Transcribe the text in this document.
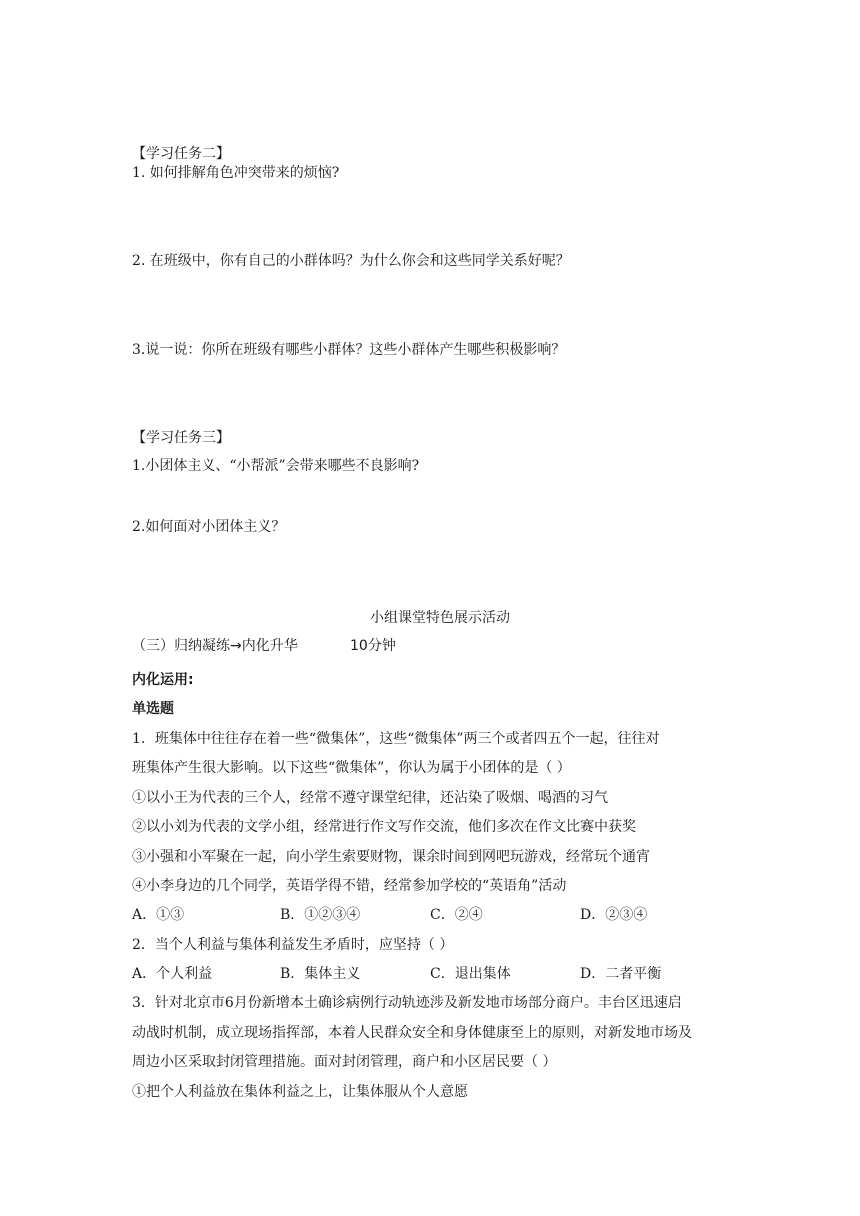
【学习任务二】
1. 如何排解角色冲突带来的烦恼?
2. 在班级中，你有自己的小群体吗？为什么你会和这些同学关系好呢？
3.说一说：你所在班级有哪些小群体？这些小群体产生哪些积极影响？
【学习任务三】
1.小团体主义、“小帮派”会带来哪些不良影响?
2.如何面对小团体主义？
小组课堂特色展示活动
（三）归纳凝练→内化升华	10分钟
内化运用:
单选题
1．班集体中往往存在着一些“微集体”，这些“微集体”两三个或者四五个一起，往往对
班集体产生很大影响。以下这些“微集体”，你认为属于小团体的是（ ）
①以小王为代表的三个人，经常不遵守课堂纪律，还沾染了吸烟、喝酒的习气
②以小刘为代表的文学小组，经常进行作文写作交流，他们多次在作文比赛中获奖
③小强和小军聚在一起，向小学生索要财物，课余时间到网吧玩游戏，经常玩个通宵
④小李身边的几个同学，英语学得不错，经常参加学校的“英语角”活动
A．①③	B．①②③④	C．②④	D．②③④
2．当个人利益与集体利益发生矛盾时，应坚持（ ）
A．个人利益	B．集体主义	C．退出集体	D．二者平衡
3．针对北京市6月份新增本土确诊病例行动轨迹涉及新发地市场部分商户。丰台区迅速启
动战时机制，成立现场指挥部，本着人民群众安全和身体健康至上的原则，对新发地市场及
周边小区采取封闭管理措施。面对封闭管理，商户和小区居民要（ ）
①把个人利益放在集体利益之上，让集体服从个人意愿
